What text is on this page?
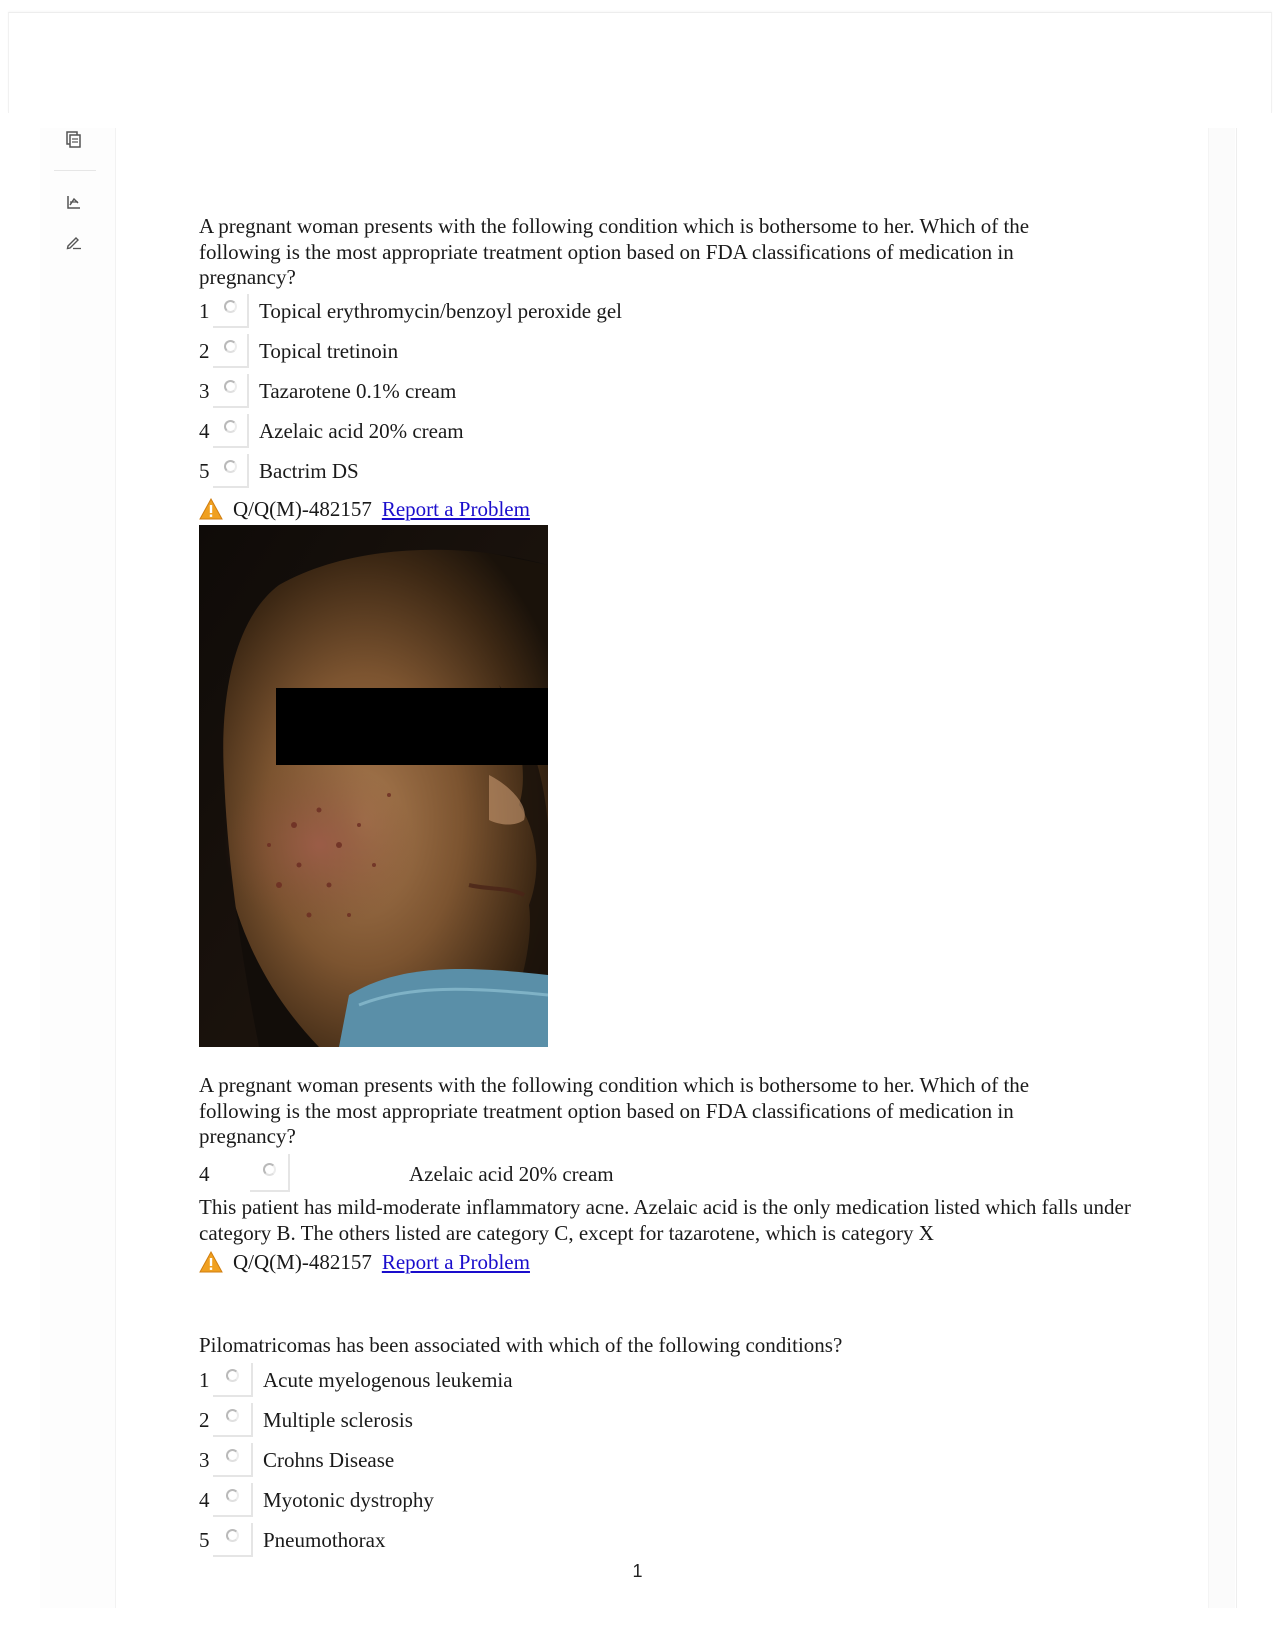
A pregnant woman presents with the following condition which is bothersome to her. Which of the following is the most appropriate treatment option based on FDA classifications of medication in pregnancy?

1 Topical erythromycin/benzoyl peroxide gel
2 Topical tretinoin
3 Tazarotene 0.1% cream
4 Azelaic acid 20% cream
5 Bactrim DS
Q/Q(M)-482157 Report a Problem

A pregnant woman presents with the following condition which is bothersome to her. Which of the following is the most appropriate treatment option based on FDA classifications of medication in pregnancy?

4	Azelaic acid 20% cream

This patient has mild-moderate inflammatory acne. Azelaic acid is the only medication listed which falls under category B. The others listed are category C, except for tazarotene, which is category X

Q/Q(M)-482157 Report a Problem

Pilomatricomas has been associated with which of the following conditions?

1	Acute myelogenous leukemia
2	Multiple sclerosis
3	Crohns Disease
4	Myotonic dystrophy
5	Pneumothorax
1
